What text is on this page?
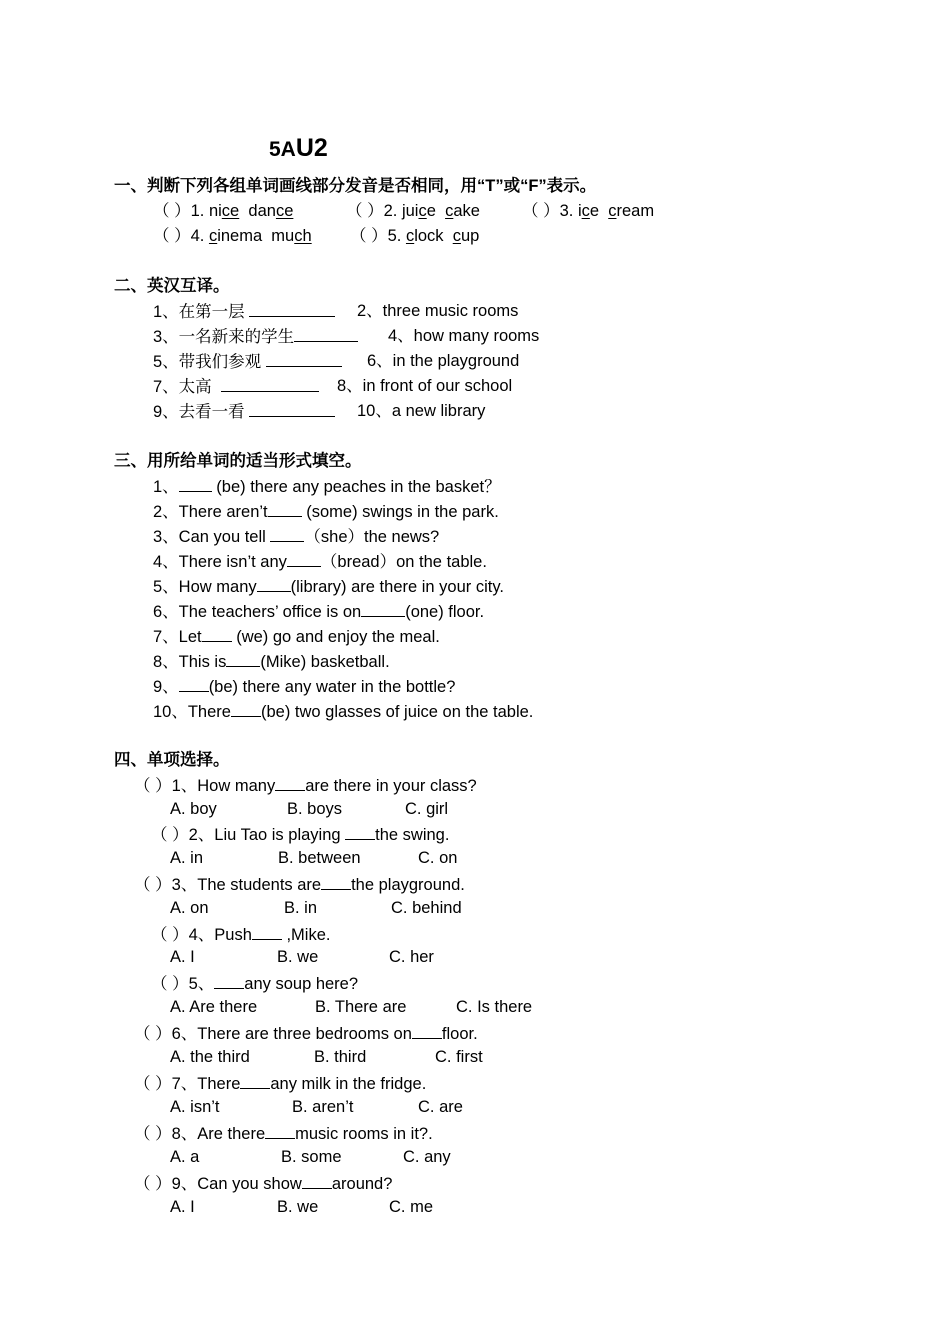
5AU2
一、判断下列各组单词画线部分发音是否相同，用“T”或“F”表示。
（ ）1. nice  dance	（ ）2. juice  cake	（ ）3. ice  cream
（ ）4. cinema  much （ ）5. clock  cup
二、英汉互译。
1、在第一层	2、three music rooms
3、一名新来的学生	4、how many rooms
5、带我们参观	6、in the playground
7、太高	8、in front of our school
9、去看一看	10、a new library
三、用所给单词的适当形式填空。
1、 (be) there any peaches in the basket？
2、There aren’t (some) swings in the park.
3、Can you tell （she）the news?
4、There isn’t any （bread）on the table.
5、How many (library) are there in your city.
6、The teachers’ office is on	(one) floor.
7、Let (we) go and enjoy the meal.
8、This is (Mike) basketball.
9、 (be) there any water in the bottle?
10、There (be) two glasses of juice on the table.
四、单项选择。
（ ）1、How many are there in your class?
A. boy	B. boys	C. girl
（ ）2、Liu Tao is playing the swing.
A. in	B. between	C. on
（ ）3、The students are the playground.
A. on	B. in	C. behind
（ ）4、Push ,Mike.
A. I	B. we	C. her
（ ）5、 any soup here?
A. Are there	B. There are	C. Is there
（ ）6、There are three bedrooms on floor.
A. the third	B. third	C. first
（ ）7、There any milk in the fridge.
A. isn’t	B. aren’t	C. are
（ ）8、Are there music rooms in it?.
A. a	B. some	C. any
（ ）9、Can you show around?
A. I	B. we	C. me
